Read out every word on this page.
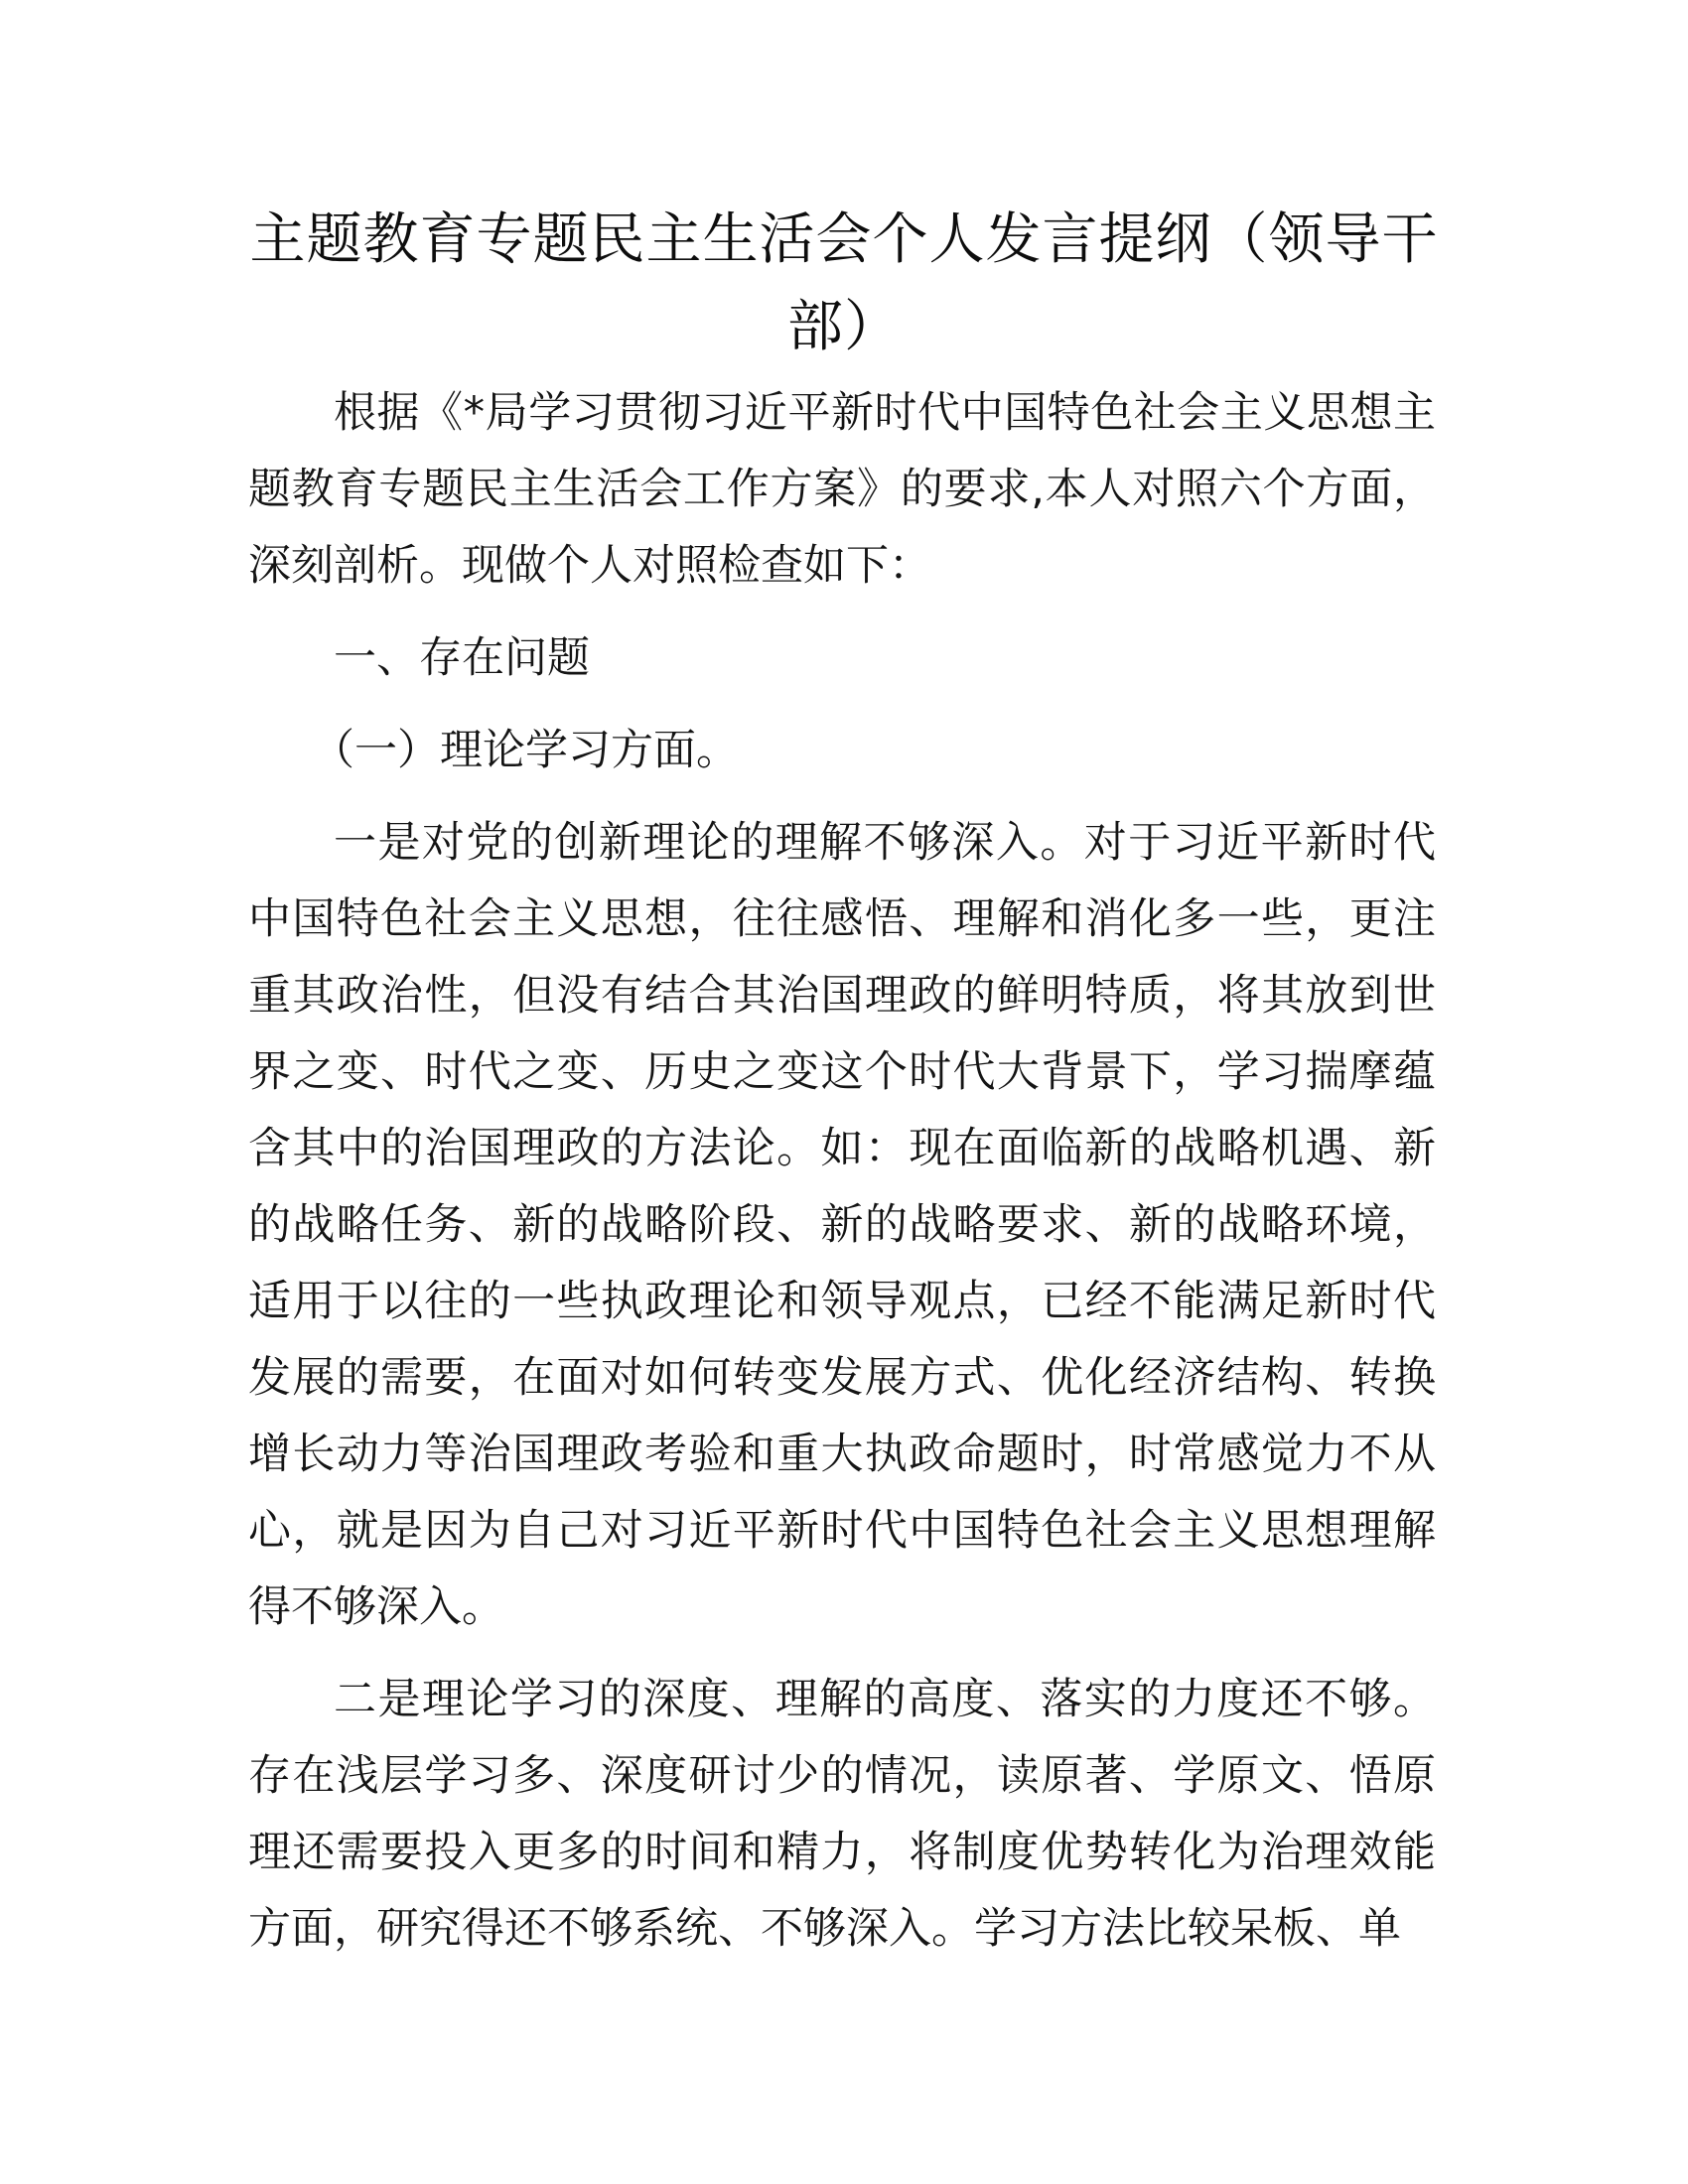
主题教育专题民主生活会个人发言提纲（领导干部）

根据《*局学习贯彻习近平新时代中国特色社会主义思想主题教育专题民主生活会工作方案》的要求,本人对照六个方面，深刻剖析。现做个人对照检查如下：

一、存在问题

（一）理论学习方面。

一是对党的创新理论的理解不够深入。对于习近平新时代中国特色社会主义思想，往往感悟、理解和消化多一些，更注重其政治性，但没有结合其治国理政的鲜明特质，将其放到世界之变、时代之变、历史之变这个时代大背景下，学习揣摩蕴含其中的治国理政的方法论。如：现在面临新的战略机遇、新的战略任务、新的战略阶段、新的战略要求、新的战略环境，适用于以往的一些执政理论和领导观点，已经不能满足新时代发展的需要，在面对如何转变发展方式、优化经济结构、转换增长动力等治国理政考验和重大执政命题时，时常感觉力不从心，就是因为自己对习近平新时代中国特色社会主义思想理解得不够深入。

二是理论学习的深度、理解的高度、落实的力度还不够。存在浅层学习多、深度研讨少的情况，读原著、学原文、悟原理还需要投入更多的时间和精力，将制度优势转化为治理效能方面，研究得还不够系统、不够深入。学习方法比较呆板、单
